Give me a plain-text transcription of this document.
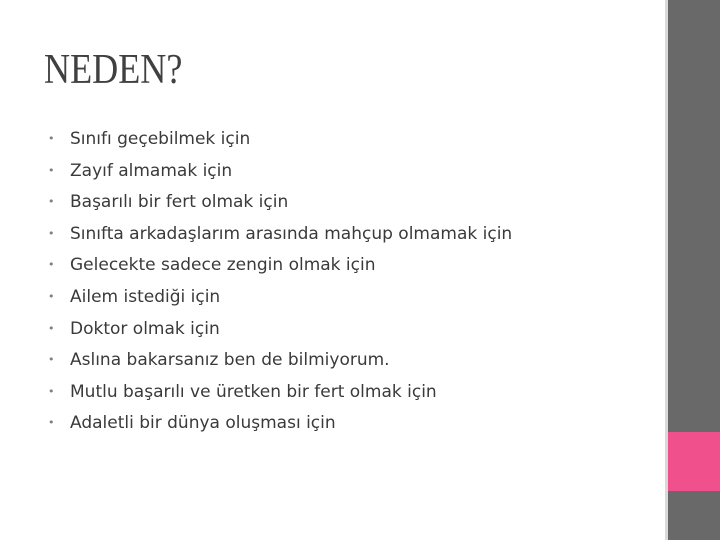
NEDEN?
• Sınıfı geçebilmek için
• Zayıf almamak için
• Başarılı bir fert olmak için
• Sınıfta arkadaşlarım arasında mahçup olmamak için
• Gelecekte sadece zengin olmak için
• Ailem istediği için
• Doktor olmak için
• Aslına bakarsanız ben de bilmiyorum.
• Mutlu başarılı ve üretken bir fert olmak için
• Adaletli bir dünya oluşması için
